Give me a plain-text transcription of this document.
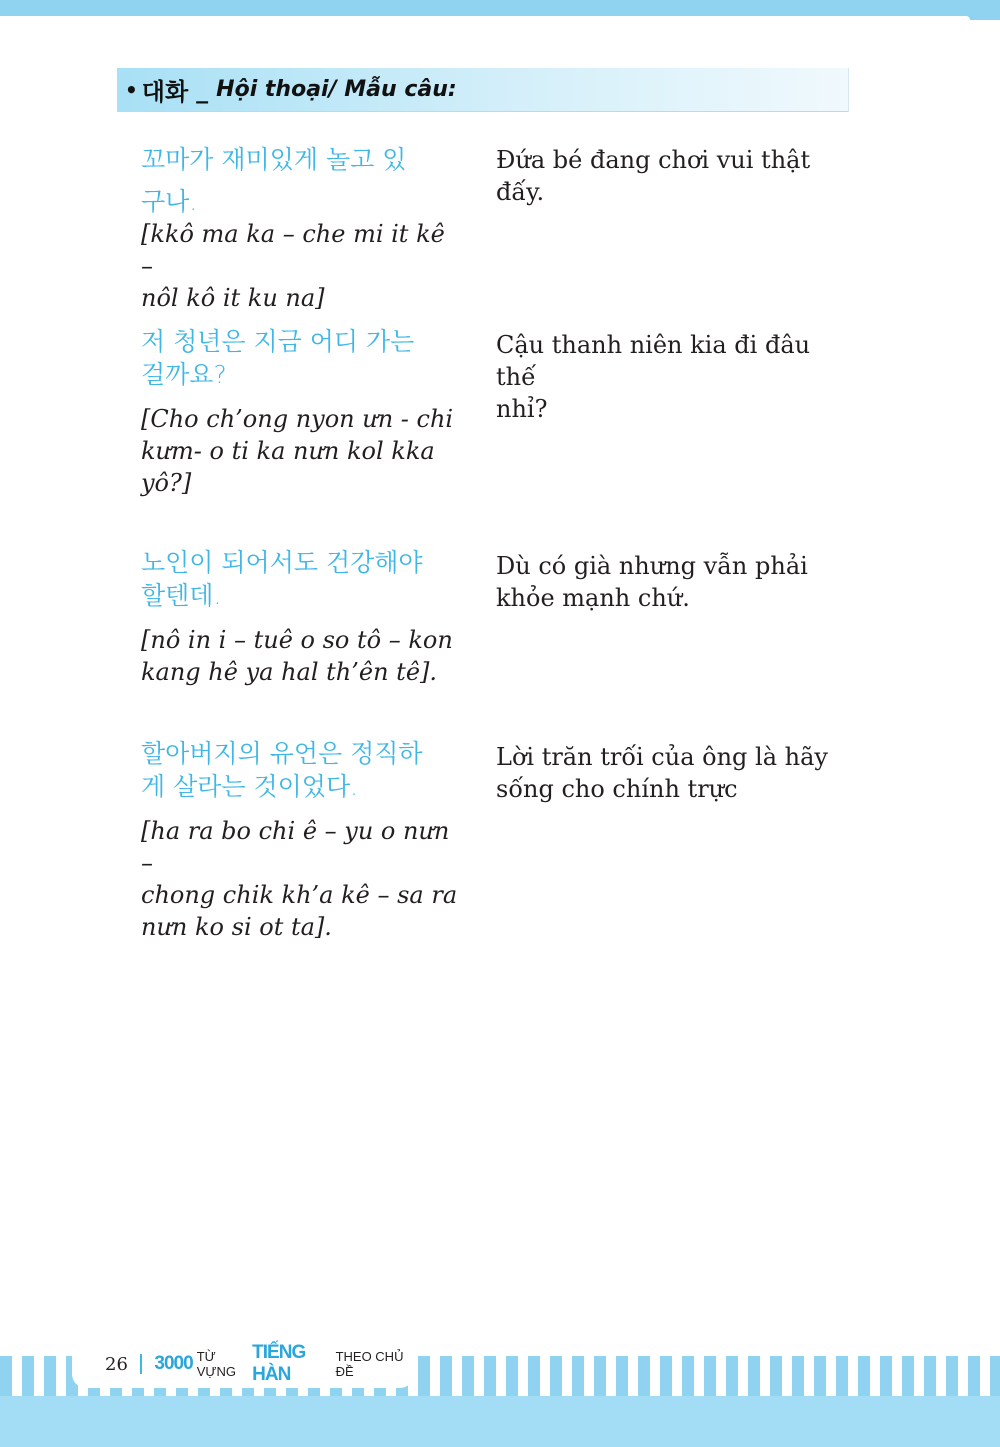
• 대화 _ Hội thoại/ Mẫu câu:
꼬마가 재미있게 놀고 있
구나.
[kkô ma ka – che mi it kê –
nôl kô it ku na]
Đứa bé đang chơi vui thật đấy.
저 청년은 지금 어디 가는
걸까요?
[Cho ch’ong nyon ưn - chi
kưm- o ti ka nưn kol kka
yô?]
Cậu thanh niên kia đi đâu thế
nhỉ?
노인이 되어서도 건강해야
할텐데.
[nô in i – tuê o so tô – kon
kang hê ya hal th’ên tê].
Dù có già nhưng vẫn phải
khỏe mạnh chứ.
할아버지의 유언은 정직하
게 살라는 것이었다.
[ha ra bo chi ê – yu o nưn –
chong chik kh’a kê – sa ra
nưn ko si ot ta].
Lời trăn trối của ông là hãy
sống cho chính trực
26 3000 TỪ VỰNG
TIẾNG HÀN
THEO CHỦ ĐỀ
